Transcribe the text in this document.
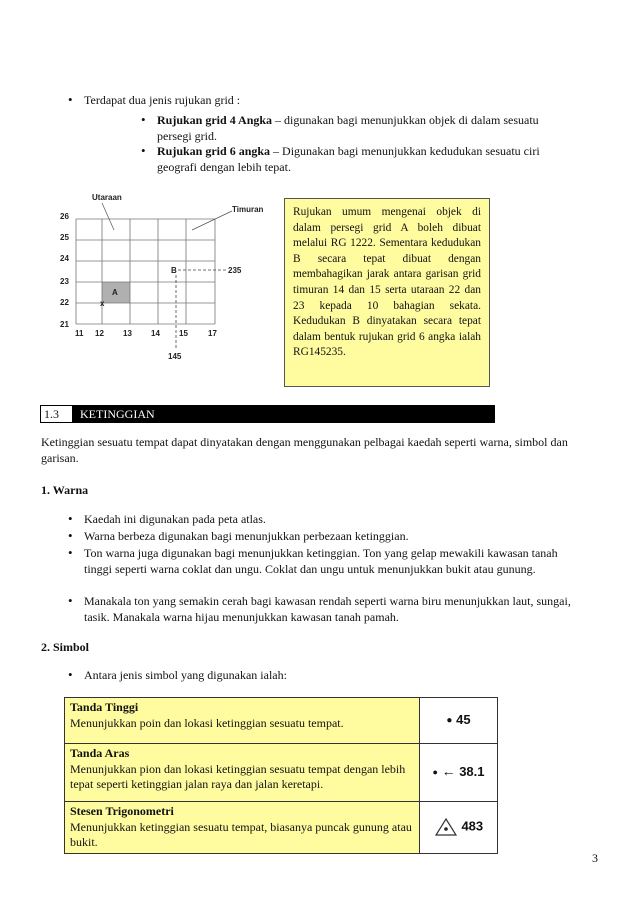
• Terdapat dua jenis rujukan grid :
• Rujukan grid 4 Angka – digunakan bagi menunjukkan objek di dalam sesuatu
persegi grid.
• Rujukan grid 6 angka – Digunakan bagi menunjukkan kedudukan sesuatu ciri
geografi dengan lebih tepat.
26
25
24
23
22
21
11 12 13 14 15	17
Utaraan
Timuran
A
x
B	235
145
Rujukan umum mengenai objek di dalam persegi grid A boleh dibuat melalui RG 1222. Sementara kedudukan B secara tepat dibuat dengan membahagikan jarak antara garisan grid timuran 14 dan 15 serta utaraan 22 dan 23 kepada 10 bahagian sekata. Kedudukan B dinyatakan secara tepat dalam bentuk rujukan grid 6 angka ialah RG145235.
1.3	KETINGGIAN
Ketinggian sesuatu tempat dapat dinyatakan dengan menggunakan pelbagai kaedah seperti warna, simbol dan garisan.
1. Warna
• Kaedah ini digunakan pada peta atlas.
• Warna berbeza digunakan bagi menunjukkan perbezaan ketinggian.
• Ton warna juga digunakan bagi menunjukkan ketinggian. Ton yang gelap mewakili kawasan tanah tinggi seperti warna coklat dan ungu. Coklat dan ungu untuk menunjukkan bukit atau gunung.
• Manakala ton yang semakin cerah bagi kawasan rendah seperti warna biru menunjukkan laut, sungai, tasik. Manakala warna hijau menunjukkan kawasan tanah pamah.
2. Simbol
• Antara jenis simbol yang digunakan ialah:
Tanda Tinggi
Menunjukkan poin dan lokasi ketinggian sesuatu tempat.	● 45

Tanda Aras
Menunjukkan pion dan lokasi ketinggian sesuatu tempat dengan lebih tepat seperti ketinggian jalan raya dan jalan keretapi.	● ← 38.1

Stesen Trigonometri
Menunjukkan ketinggian sesuatu tempat, biasanya puncak gunung atau bukit.	483
3
